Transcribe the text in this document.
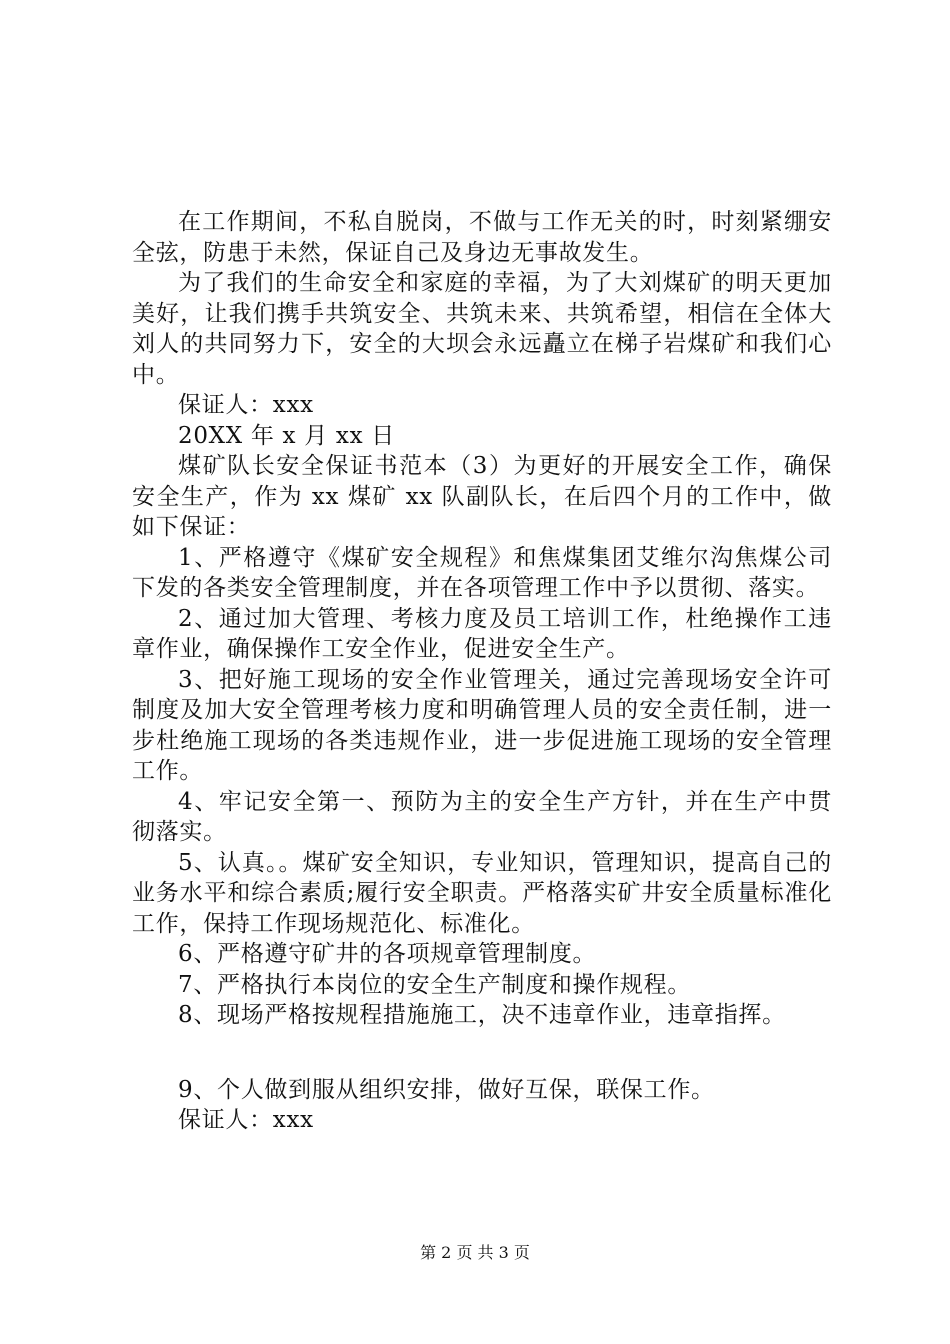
在工作期间，不私自脱岗，不做与工作无关的时，时刻紧绷安全弦，防患于未然，保证自己及身边无事故发生。

为了我们的生命安全和家庭的幸福，为了大刘煤矿的明天更加美好，让我们携手共筑安全、共筑未来、共筑希望，相信在全体大刘人的共同努力下，安全的大坝会永远矗立在梯子岩煤矿和我们心中。

保证人：xxx

20XX 年 x 月 xx 日

煤矿队长安全保证书范本（3）为更好的开展安全工作，确保安全生产，作为 xx 煤矿 xx 队副队长，在后四个月的工作中，做如下保证：

1、严格遵守《煤矿安全规程》和焦煤集团艾维尔沟焦煤公司下发的各类安全管理制度，并在各项管理工作中予以贯彻、落实。

2、通过加大管理、考核力度及员工培训工作，杜绝操作工违章作业，确保操作工安全作业，促进安全生产。

3、把好施工现场的安全作业管理关，通过完善现场安全许可制度及加大安全管理考核力度和明确管理人员的安全责任制，进一步杜绝施工现场的各类违规作业，进一步促进施工现场的安全管理工作。

4、牢记安全第一、预防为主的安全生产方针，并在生产中贯彻落实。

5、认真。。煤矿安全知识，专业知识，管理知识，提高自己的业务水平和综合素质;履行安全职责。严格落实矿井安全质量标准化工作，保持工作现场规范化、标准化。

6、严格遵守矿井的各项规章管理制度。

7、严格执行本岗位的安全生产制度和操作规程。

8、现场严格按规程措施施工，决不违章作业，违章指挥。

9、个人做到服从组织安排，做好互保，联保工作。

保证人：xxx

第 2 页 共 3 页
